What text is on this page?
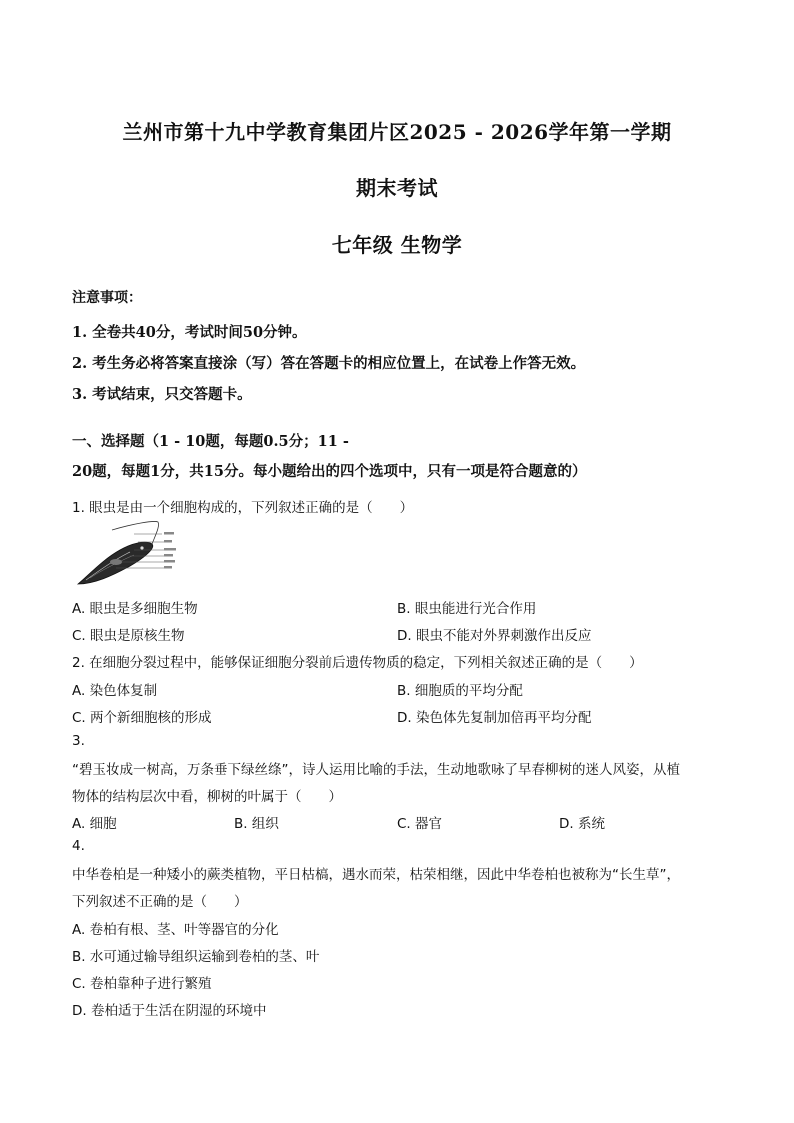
兰州市第十九中学教育集团片区2025 - 2026学年第一学期
期末考试
七年级 生物学
注意事项：
1. 全卷共40分，考试时间50分钟。
2. 考生务必将答案直接涂（写）答在答题卡的相应位置上，在试卷上作答无效。
3. 考试结束，只交答题卡。
一、选择题（1 - 10题，每题0.5分；11 -
20题，每题1分，共15分。每小题给出的四个选项中，只有一项是符合题意的）
1. 眼虫是由一个细胞构成的，下列叙述正确的是（　　）
A. 眼虫是多细胞生物	B. 眼虫能进行光合作用
C. 眼虫是原核生物	D. 眼虫不能对外界刺激作出反应
2. 在细胞分裂过程中，能够保证细胞分裂前后遗传物质的稳定，下列相关叙述正确的是（　　）
A. 染色体复制	B. 细胞质的平均分配
C. 两个新细胞核的形成	D. 染色体先复制加倍再平均分配
3.
“碧玉妆成一树高，万条垂下绿丝绦”，诗人运用比喻的手法，生动地歌咏了早春柳树的迷人风姿，从植
物体的结构层次中看，柳树的叶属于（　　）
A. 细胞	B. 组织	C. 器官	D. 系统
4.
中华卷柏是一种矮小的蕨类植物，平日枯槁，遇水而荣，枯荣相继，因此中华卷柏也被称为“长生草”，
下列叙述不正确的是（　　）
A. 卷柏有根、茎、叶等器官的分化
B. 水可通过输导组织运输到卷柏的茎、叶
C. 卷柏靠种子进行繁殖
D. 卷柏适于生活在阴湿的环境中
